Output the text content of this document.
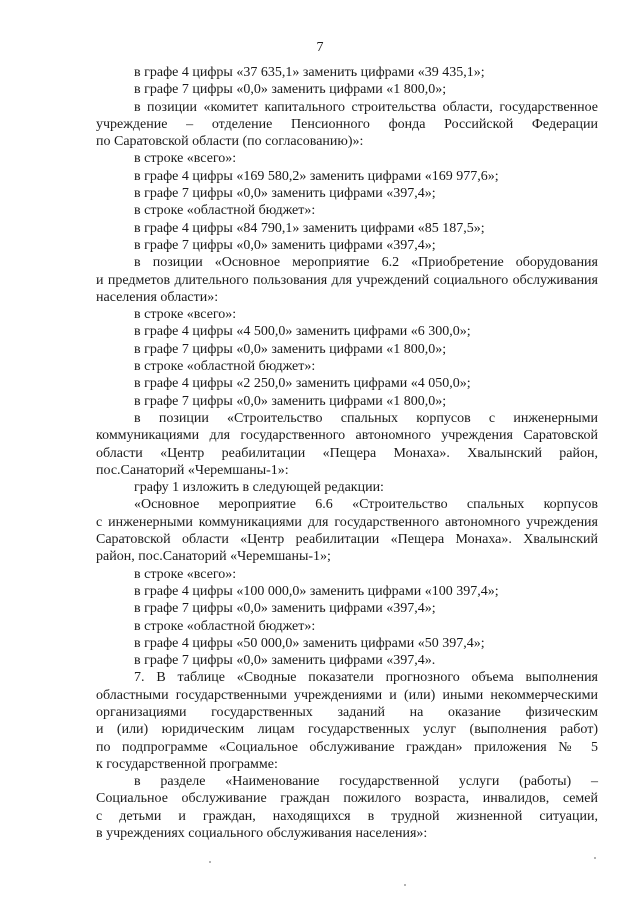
7
в графе 4 цифры «37 635,1» заменить цифрами «39 435,1»;
в графе 7 цифры «0,0» заменить цифрами «1 800,0»;
в позиции «комитет капитального строительства области, государственное
учреждение – отделение Пенсионного фонда Российской Федерации
по Саратовской области (по согласованию)»:
в строке «всего»:
в графе 4 цифры «169 580,2» заменить цифрами «169 977,6»;
в графе 7 цифры «0,0» заменить цифрами «397,4»;
в строке «областной бюджет»:
в графе 4 цифры «84 790,1» заменить цифрами «85 187,5»;
в графе 7 цифры «0,0» заменить цифрами «397,4»;
в позиции «Основное мероприятие 6.2 «Приобретение оборудования
и предметов длительного пользования для учреждений социального обслуживания
населения области»:
в строке «всего»:
в графе 4 цифры «4 500,0» заменить цифрами «6 300,0»;
в графе 7 цифры «0,0» заменить цифрами «1 800,0»;
в строке «областной бюджет»:
в графе 4 цифры «2 250,0» заменить цифрами «4 050,0»;
в графе 7 цифры «0,0» заменить цифрами «1 800,0»;
в позиции «Строительство спальных корпусов с инженерными
коммуникациями для государственного автономного учреждения Саратовской
области «Центр реабилитации «Пещера Монаха». Хвалынский район,
пос.Санаторий «Черемшаны-1»:
графу 1 изложить в следующей редакции:
«Основное мероприятие 6.6 «Строительство спальных корпусов
с инженерными коммуникациями для государственного автономного учреждения
Саратовской области «Центр реабилитации «Пещера Монаха». Хвалынский
район, пос.Санаторий «Черемшаны-1»;
в строке «всего»:
в графе 4 цифры «100 000,0» заменить цифрами «100 397,4»;
в графе 7 цифры «0,0» заменить цифрами «397,4»;
в строке «областной бюджет»:
в графе 4 цифры «50 000,0» заменить цифрами «50 397,4»;
в графе 7 цифры «0,0» заменить цифрами «397,4».
7. В таблице «Сводные показатели прогнозного объема выполнения
областными государственными учреждениями и (или) иными некоммерческими
организациями государственных заданий на оказание физическим
и (или) юридическим лицам государственных услуг (выполнения работ)
по подпрограмме «Социальное обслуживание граждан» приложения № 5
к государственной программе:
в разделе «Наименование государственной услуги (работы) –
Социальное обслуживание граждан пожилого возраста, инвалидов, семей
с детьми и граждан, находящихся в трудной жизненной ситуации,
в учреждениях социального обслуживания населения»:
